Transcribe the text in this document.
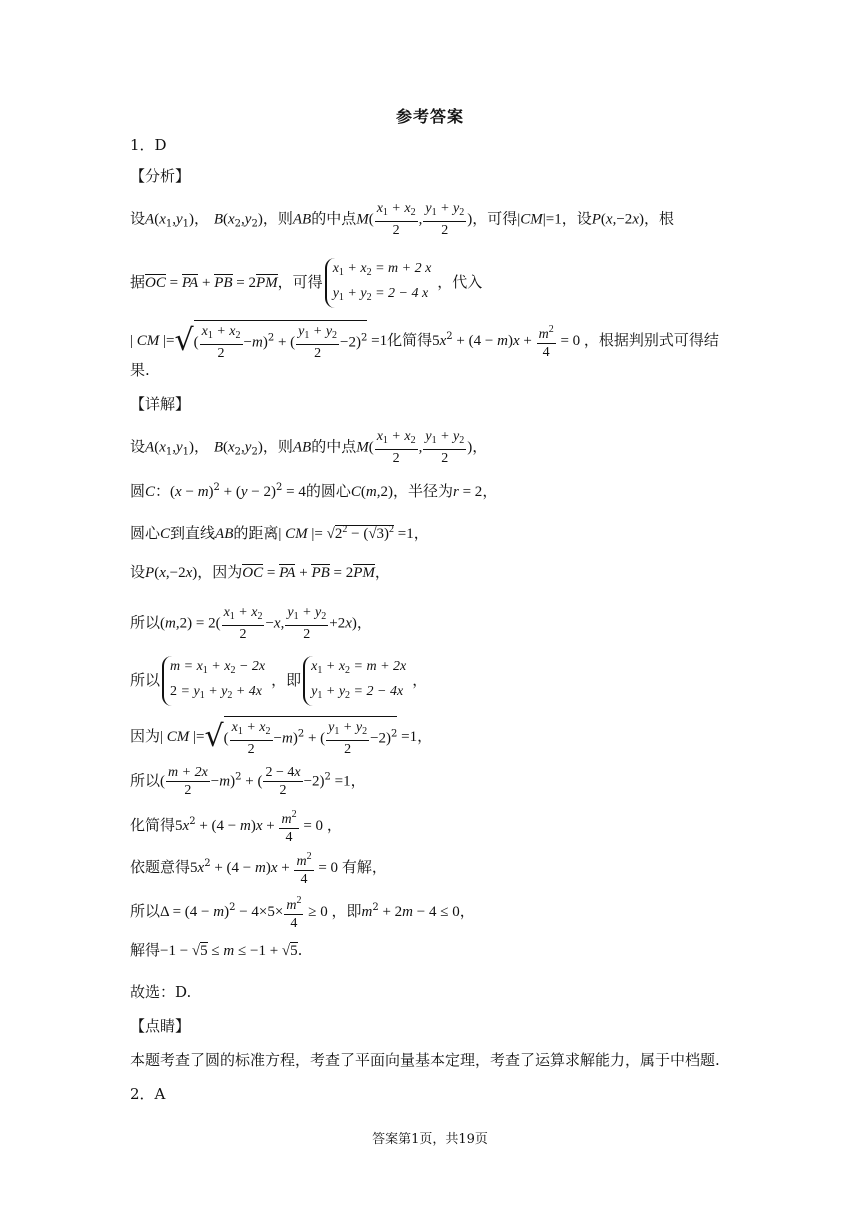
参考答案
1．D
【分析】
设$A(x_1,y_1)$， $B(x_2,y_2)$，则AB的中点$M( \frac{x_1 + x_2}{2}$ , $\frac{y_1 + y_2}{2}$ )，可得|CM|=1，设P(x,−2x)，根
据OC = PA + PB = 2PM，可得$x_1 + x_2 = m + 2$ x
$y_1 + y_2 = 2 - 4$ x，代入
| CM |=√( $\frac{x_1 + x_2}{2} -m)^2$ + ( $\frac{y_1 + y_2}{2} -2)^2 =1$化简得$5x^2 + (4 - m)x + \frac{m^2}{4} = 0$ ，根据判别式可得结
果.
【详解】
设$A(x_1,y_1)$， $B(x_2,y_2)$，则AB的中点$M( \frac{x_1 + x_2}{2}$ , $\frac{y_1 + y_2}{2}$ )，
圆C：$(x - m)^2 + (y - 2)^2 = 4$的圆心C(m,2)，半径为r = 2，
圆心C到直线AB的距离| CM |= $√2^2 - (√3)^2 =1$，
设P(x,−2x)，因为OC = PA + PB = 2PM，
所以$(m,2) = 2( \frac{x_1 + x_2}{2} -x$, $\frac{y_1 + y_2}{2} +2x$)，
所以$m = x_1 + x_2 - 2x$
$2 = y_1 + y_2 + 4x$，即$x_1 + x_2 = m + 2x$
$y_1 + y_2 = 2 - 4x$，
因为| CM |=√( $\frac{x_1 + x_2}{2} -m)^2$ + ( $\frac{y_1 + y_2}{2} -2)^2 =1$，
所以( $\frac{m + 2x}{2} -m)^2$ + ( $\frac{2 - 4x}{2} -2)^2 =1$，
化简得$5x^2 + (4 - m)x + \frac{m^2}{4} = 0$ ，
依题意得$5x^2 + (4 - m)x + \frac{m^2}{4} = 0$ 有解，
所以$\Delta = (4 - m)^2 - 4\times 5\times \frac{m^2}{4} \ge 0$ ，即$m^2 + 2m - 4 \le 0$，
解得−1 − √5 ≤ m ≤ −1 + √5.
故选：D.
【点睛】
本题考查了圆的标准方程，考查了平面向量基本定理，考查了运算求解能力，属于中档题.
2．A
答案第1页，共19页
